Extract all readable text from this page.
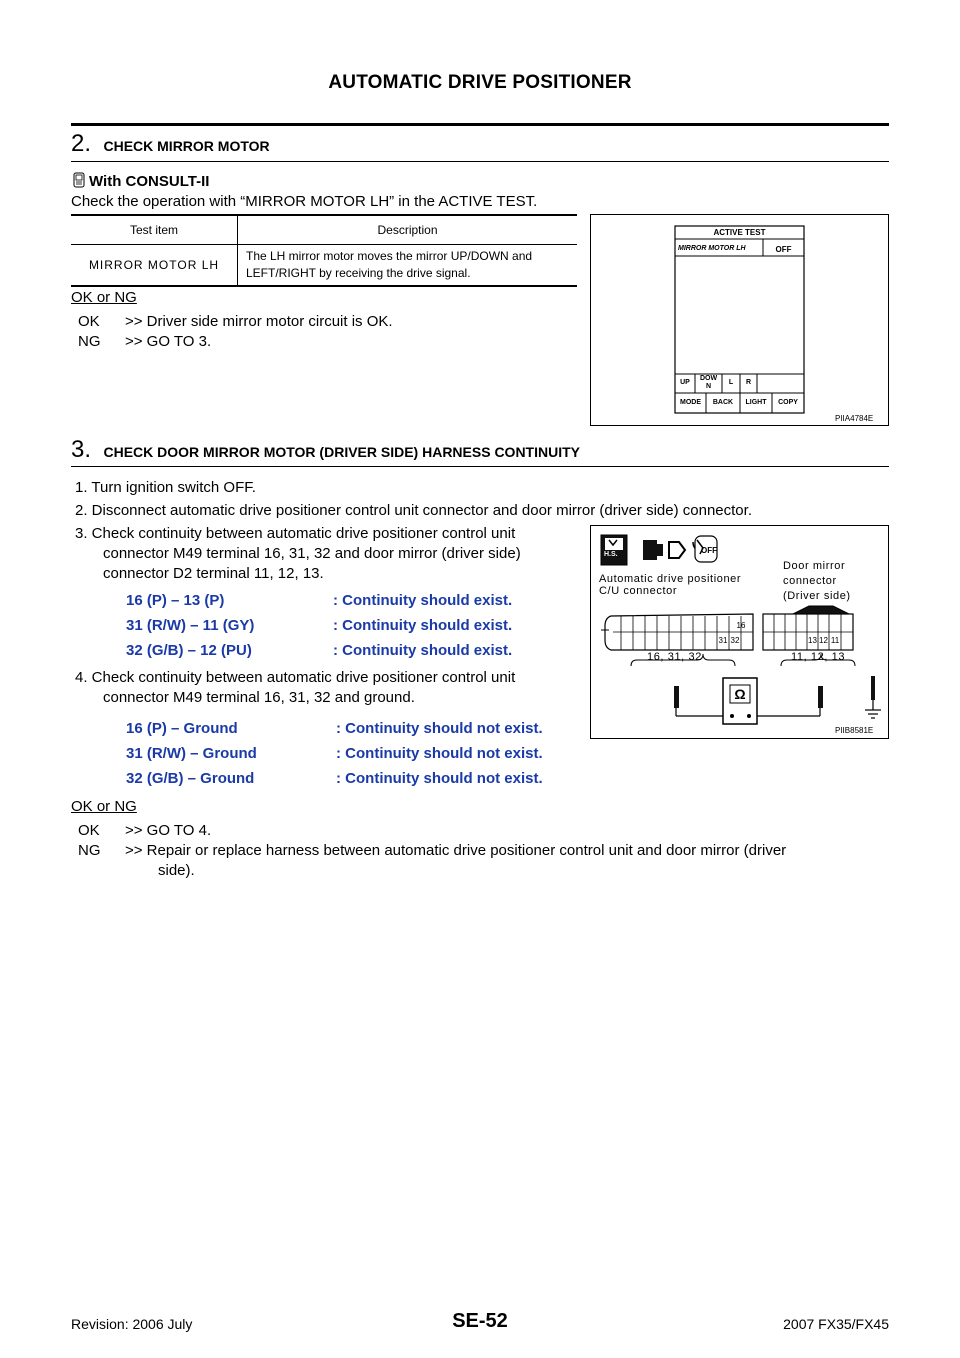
AUTOMATIC DRIVE POSITIONER
2. CHECK MIRROR MOTOR
With CONSULT-II
Check the operation with “MIRROR MOTOR LH” in the ACTIVE TEST.
Test item	Description
MIRROR MOTOR LH	
The LH mirror motor moves the mirror UP/DOWN and
LEFT/RIGHT by receiving the drive signal.
OK or NG
OK >> Driver side mirror motor circuit is OK.
NG >> GO TO 3.
ACTIVE TEST
MIRROR MOTOR LH	OFF
UP
DOW N
L	R
MODE	BACK	LIGHT	COPY
PIIA4784E
3. CHECK DOOR MIRROR MOTOR (DRIVER SIDE) HARNESS CONTINUITY
1. Turn ignition switch OFF.
2. Disconnect automatic drive positioner control unit connector and door mirror (driver side) connector.
3. Check continuity between automatic drive positioner control unit
connector M49 terminal 16, 31, 32 and door mirror (driver side)
connector D2 terminal 11, 12, 13.
16 (P) – 13 (P)	: Continuity should exist.
31 (R/W) – 11 (GY)	: Continuity should exist.
32 (G/B) – 12 (PU)	: Continuity should exist.
4. Check continuity between automatic drive positioner control unit
connector M49 terminal 16, 31, 32 and ground.
16 (P) – Ground	: Continuity should not exist.
31 (R/W) – Ground	: Continuity should not exist.
32 (G/B) – Ground	: Continuity should not exist.
OK or NG
OK >> GO TO 4.
NG >> Repair or replace harness between automatic drive positioner control unit and door mirror (driver
side).
H.S.	OFF
Automatic drive positioner
C/U connector
Door mirror
connector
(Driver side)
16
31 32	13 12 11
16, 31, 32	11, 12, 13
Ω
PIIB8581E
Revision: 2006 July	SE-52	2007 FX35/FX45
